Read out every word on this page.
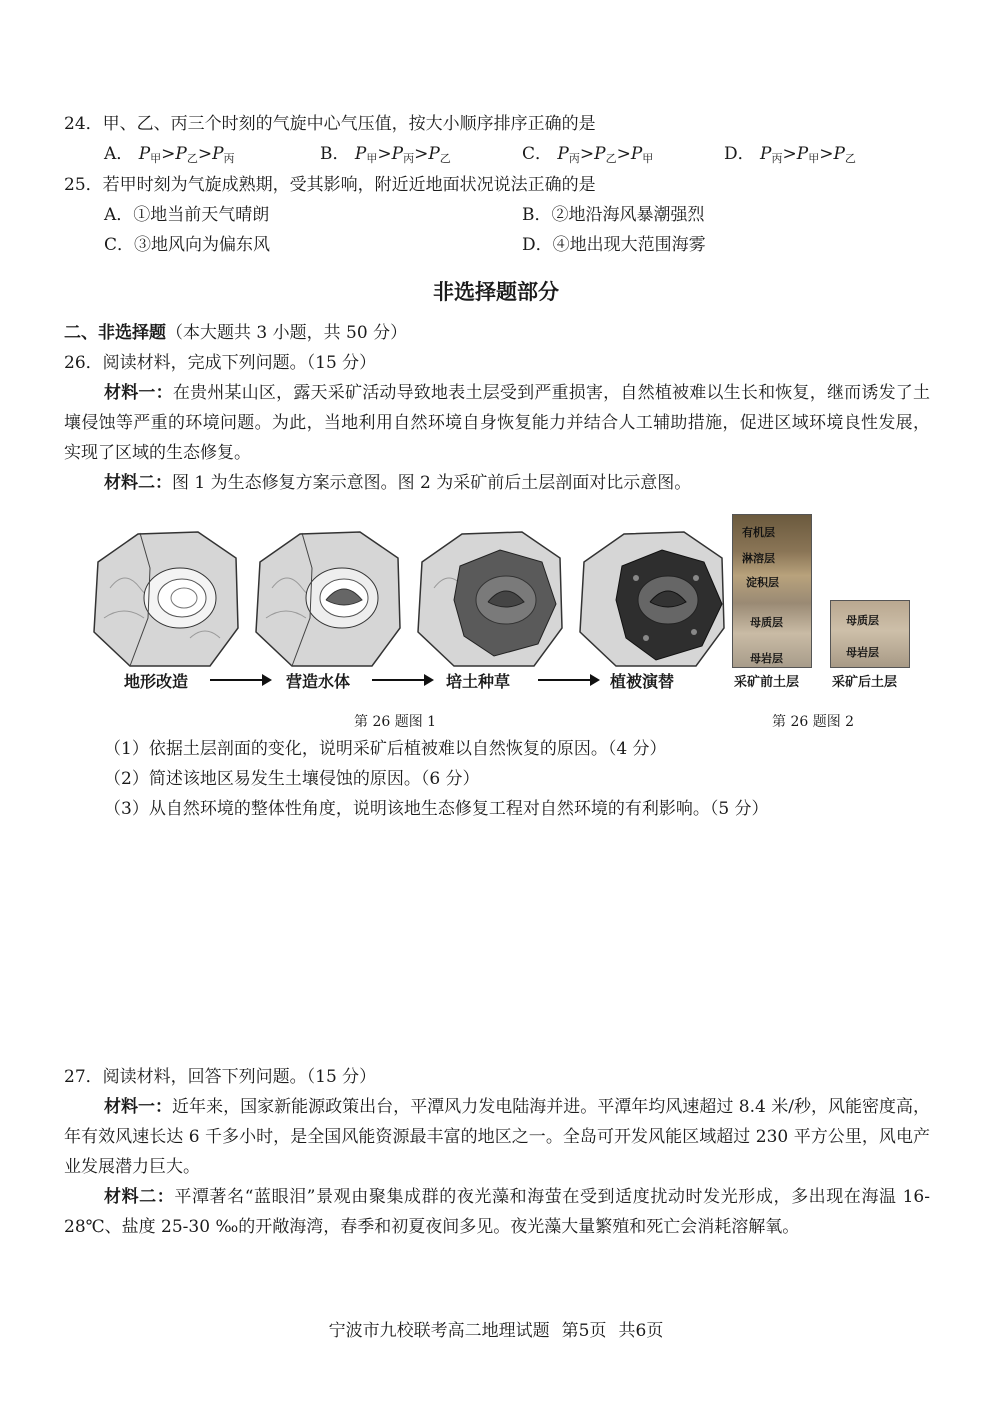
24．甲、乙、丙三个时刻的气旋中心气压值，按大小顺序排序正确的是
A． $P_甲>P_乙>P_丙$	B． $P_甲>P_丙>P_乙$	C． $P_丙>P_乙>P_甲$	D． $P_丙>P_甲>P_乙$
25．若甲时刻为气旋成熟期，受其影响，附近近地面状况说法正确的是
A．①地当前天气晴朗	B．②地沿海风暴潮强烈
C．③地风向为偏东风	D．④地出现大范围海雾
非选择题部分
二、非选择题（本大题共 3 小题，共 50 分）
26．阅读材料，完成下列问题。（15 分）
材料一：在贵州某山区，露天采矿活动导致地表土层受到严重损害，自然植被难以生长和恢复，继而诱发了土壤侵蚀等严重的环境问题。为此，当地利用自然环境自身恢复能力并结合人工辅助措施，促进区域环境良性发展，实现了区域的生态修复。
材料二：图 1 为生态修复方案示意图。图 2 为采矿前后土层剖面对比示意图。
地形改造	营造水体	培土种草	植被演替
有机层
淋溶层
淀积层
母质层
母岩层
母质层
母岩层
采矿前土层	采矿后土层
第 26 题图 1	第 26 题图 2
（1）依据土层剖面的变化，说明采矿后植被难以自然恢复的原因。（4 分）
（2）简述该地区易发生土壤侵蚀的原因。（6 分）
（3）从自然环境的整体性角度，说明该地生态修复工程对自然环境的有利影响。（5 分）
27．阅读材料，回答下列问题。（15 分）
材料一：近年来，国家新能源政策出台，平潭风力发电陆海并进。平潭年均风速超过 8.4 米/秒，风能密度高，年有效风速长达 6 千多小时，是全国风能资源最丰富的地区之一。全岛可开发风能区域超过 230 平方公里，风电产业发展潜力巨大。
材料二：平潭著名“蓝眼泪”景观由聚集成群的夜光藻和海萤在受到适度扰动时发光形成，多出现在海温 16-28℃、盐度 25-30 ‰的开敞海湾，春季和初夏夜间多见。夜光藻大量繁殖和死亡会消耗溶解氧。
宁波市九校联考高二地理试题 第5页 共6页
